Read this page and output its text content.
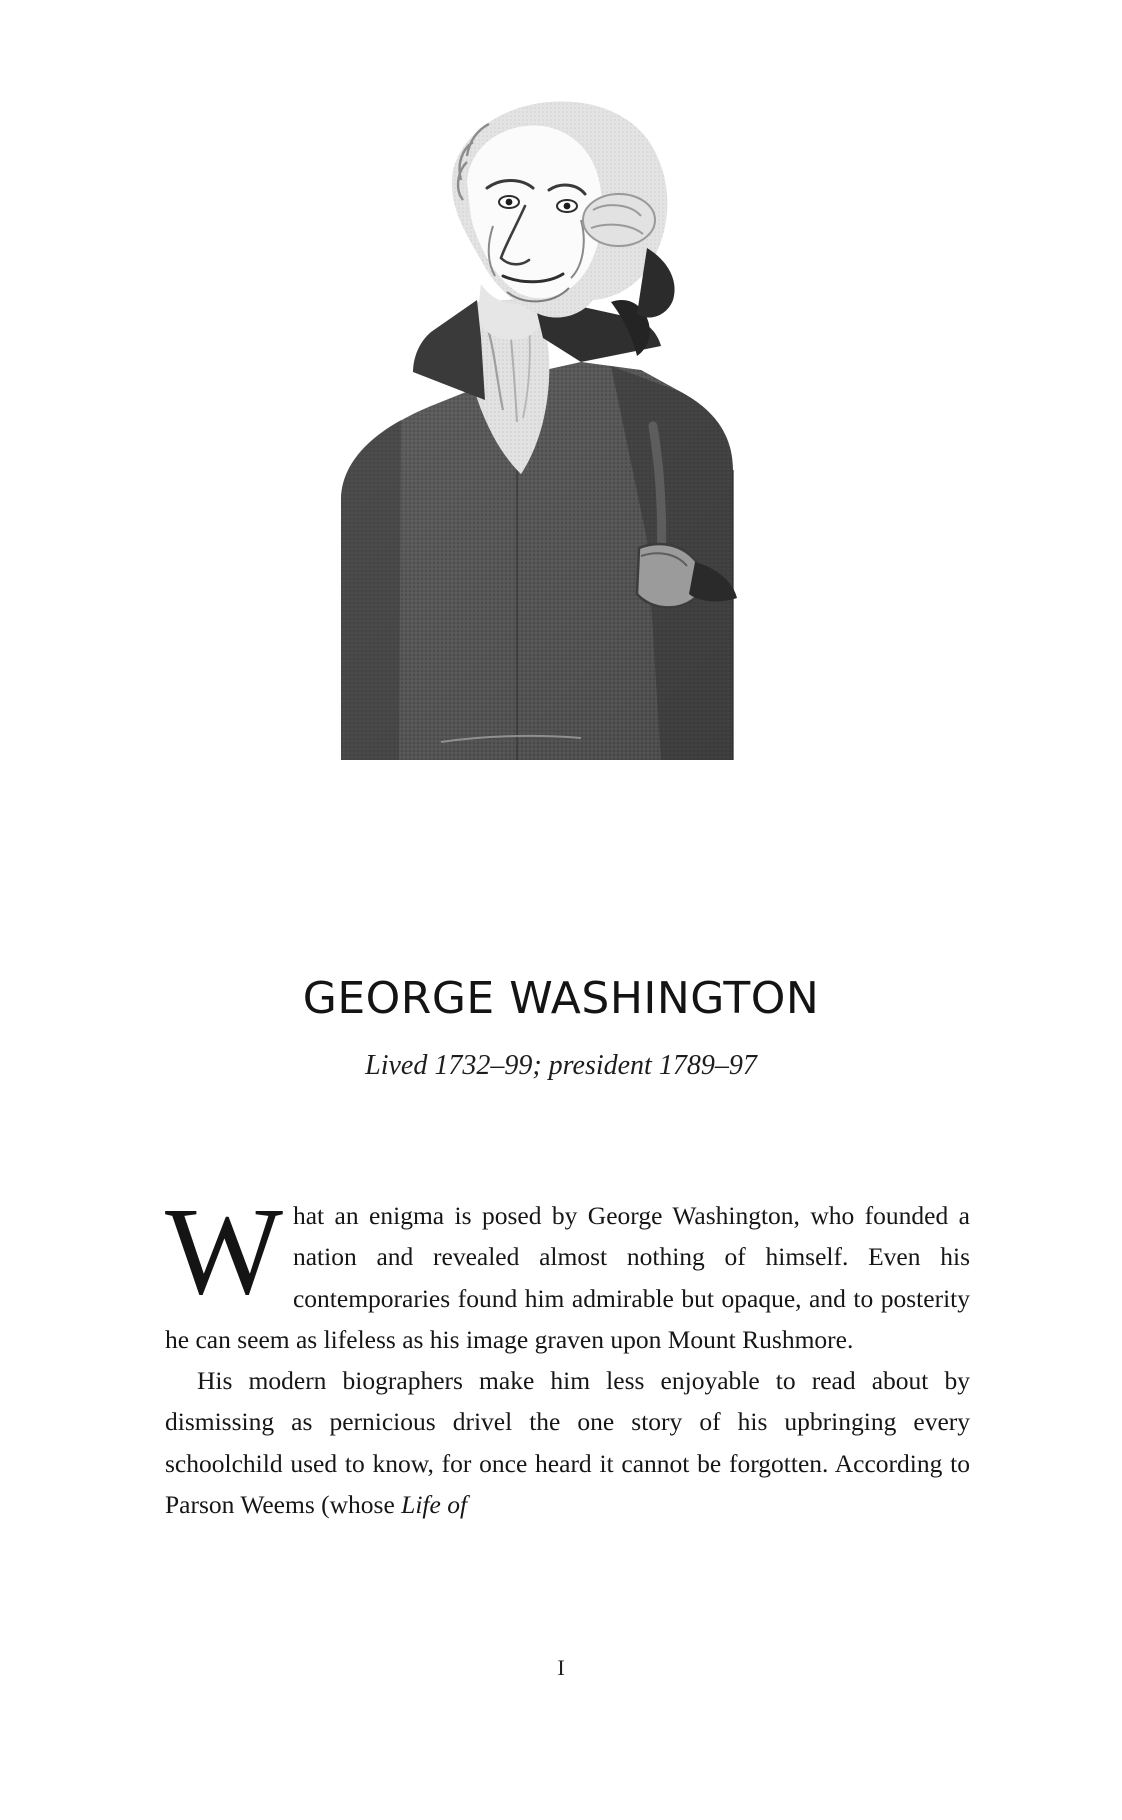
GEORGE WASHINGTON

Lived 1732–99; president 1789–97

What an enigma is posed by George Washington, who founded a nation and revealed almost nothing of himself. Even his contemporaries found him admirable but opaque, and to posterity he can seem as lifeless as his image graven upon Mount Rushmore.

His modern biographers make him less enjoyable to read about by dismissing as pernicious drivel the one story of his upbringing every schoolchild used to know, for once heard it cannot be forgotten. According to Parson Weems (whose Life of

I
